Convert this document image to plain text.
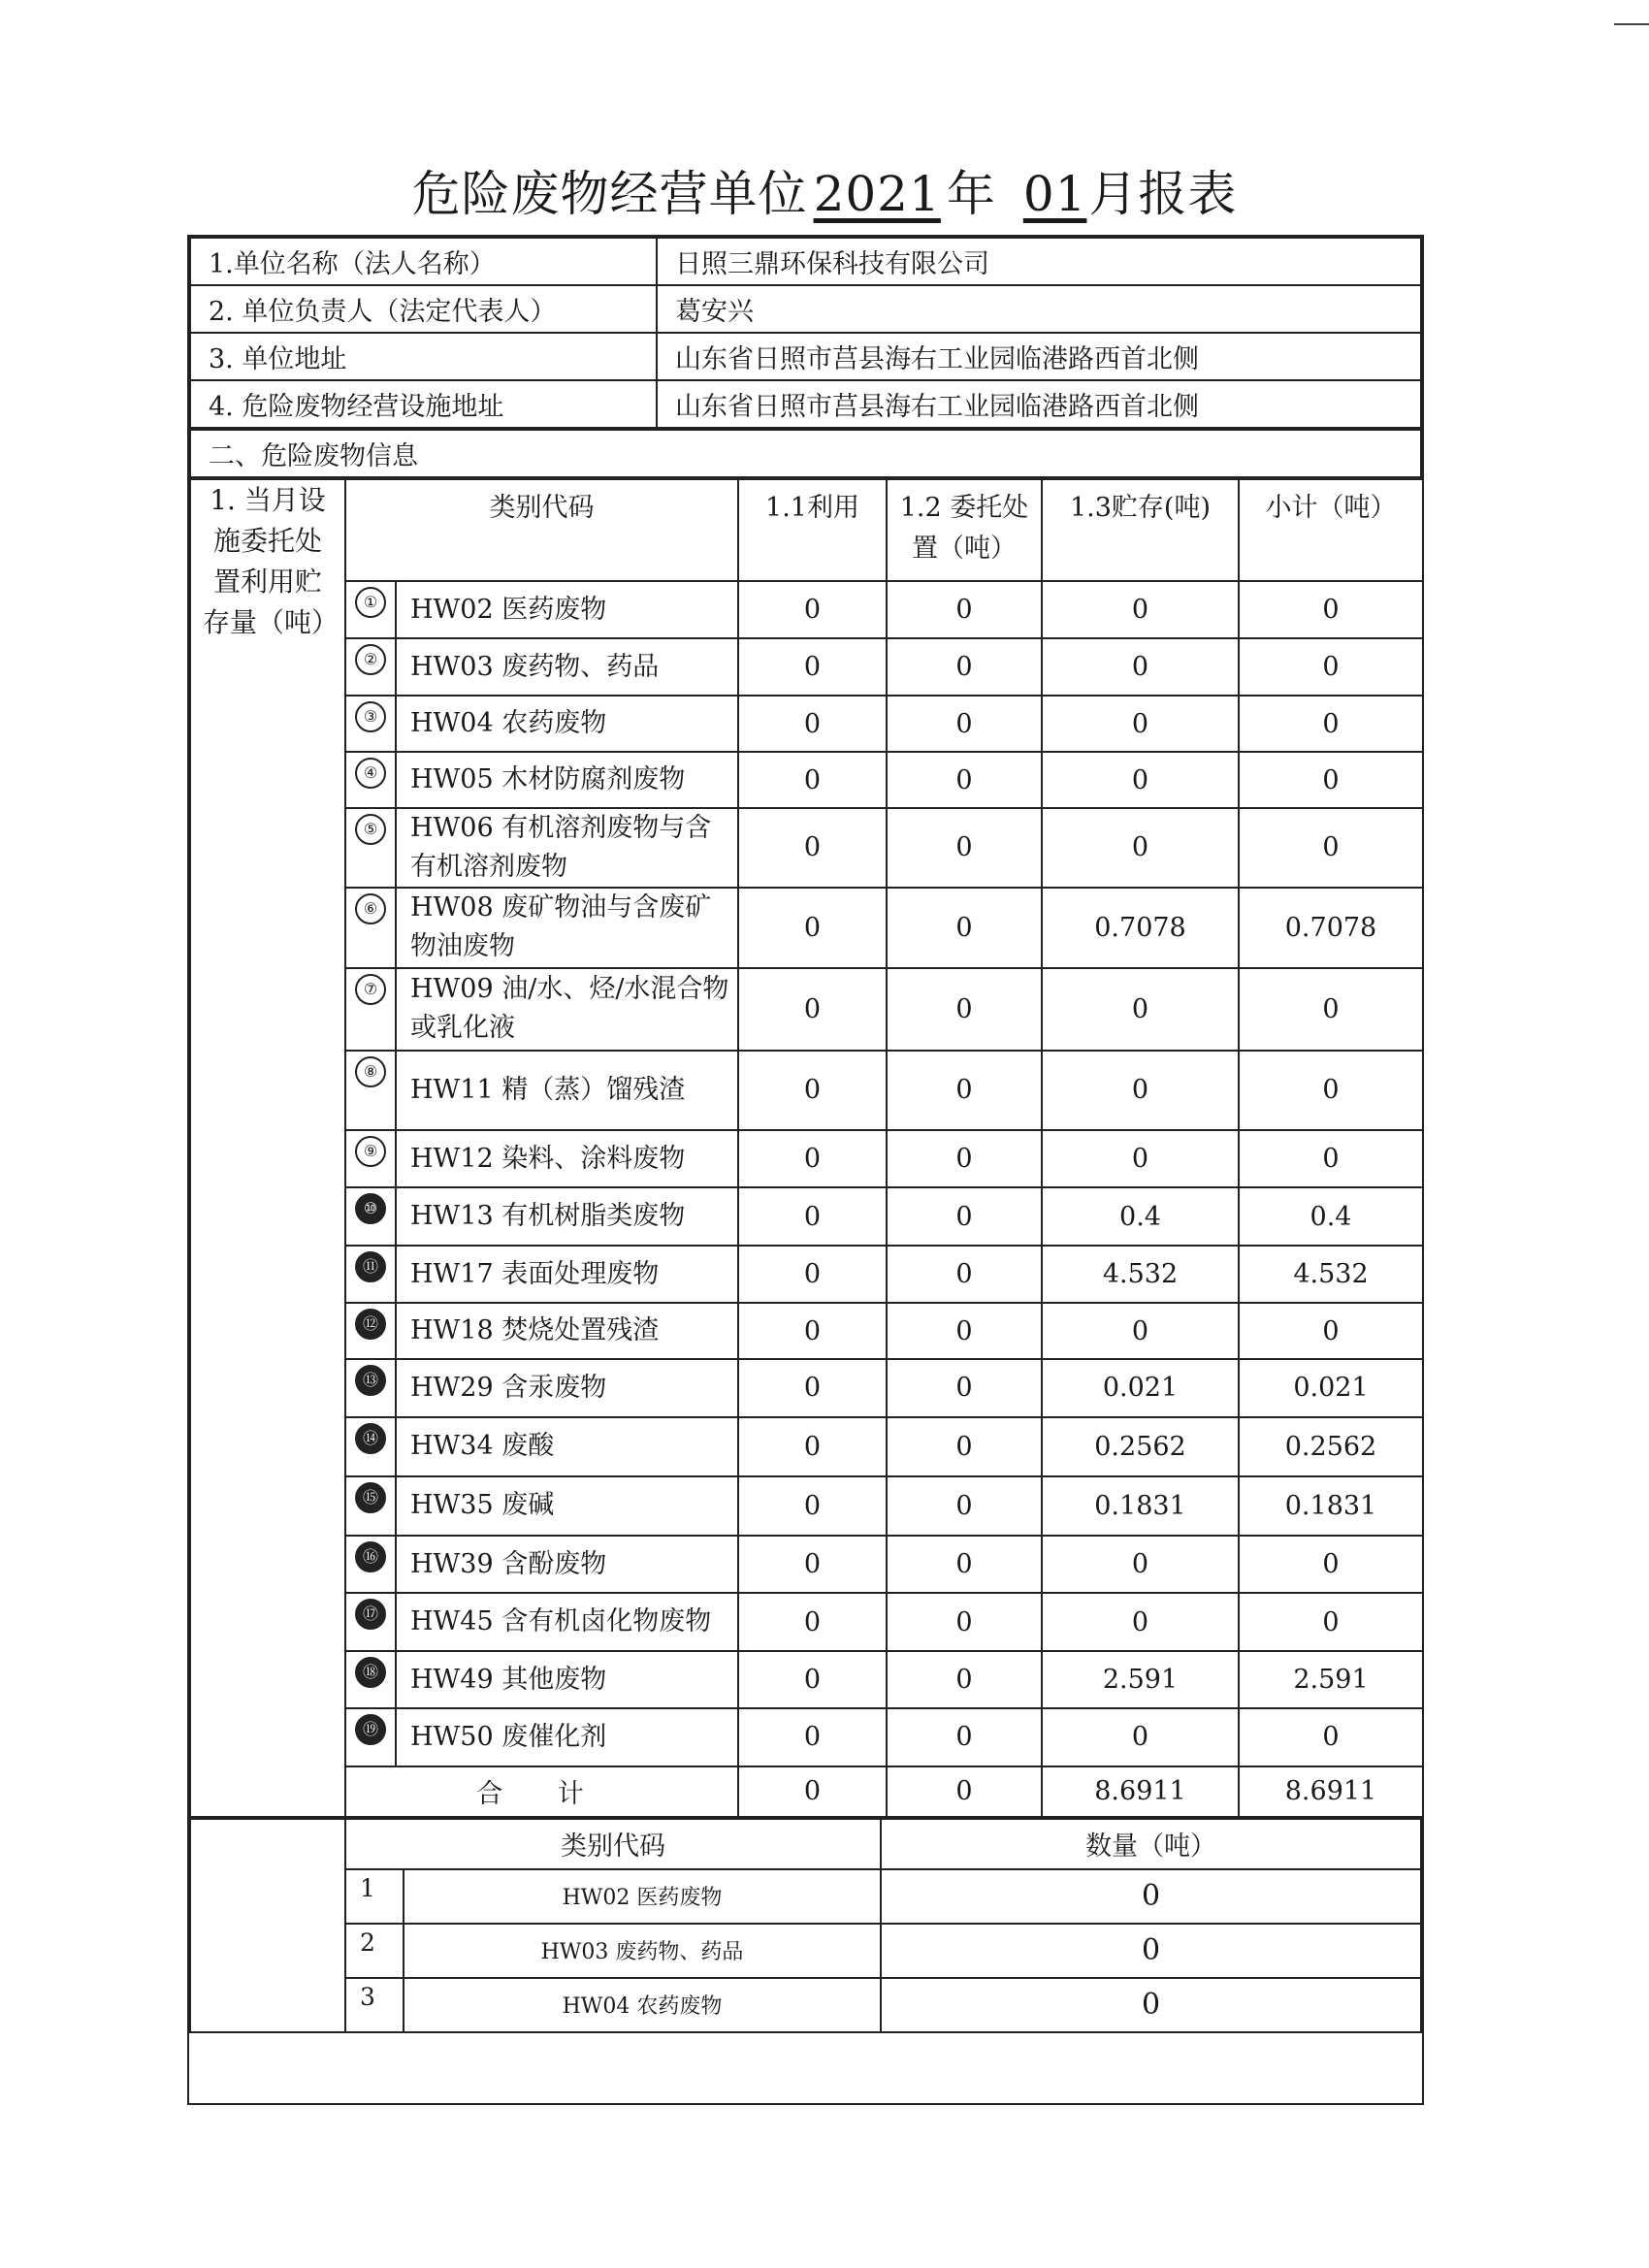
危险废物经营单位 2021 年 01月报表
1.单位名称（法人名称）	日照三鼎环保科技有限公司
2. 单位负责人（法定代表人）	葛安兴
3. 单位地址	山东省日照市莒县海右工业园临港路西首北侧
4. 危险废物经营设施地址	山东省日照市莒县海右工业园临港路西首北侧
二、危险废物信息
1. 当月设施委托处置利用贮存量（吨）	类别代码		1.1利用	1.2 委托处置（吨）	1.3贮存(吨)	小计（吨）
	①	HW02 医药废物	0	0	0	0
	②	HW03 废药物、药品	0	0	0	0
	③	HW04 农药废物	0	0	0	0
	④	HW05 木材防腐剂废物	0	0	0	0
	⑤	HW06 有机溶剂废物与含有机溶剂废物	0	0	0	0
	⑥	HW08 废矿物油与含废矿物油废物	0	0	0.7078	0.7078
	⑦	HW09 油/水、烃/水混合物或乳化液	0	0	0	0
	⑧	HW11 精（蒸）馏残渣	0	0	0	0
	⑨	HW12 染料、涂料废物	0	0	0	0
	⑩	HW13 有机树脂类废物	0	0	0.4	0.4
	⑪	HW17 表面处理废物	0	0	4.532	4.532
	⑫	HW18 焚烧处置残渣	0	0	0	0
	⑬	HW29 含汞废物	0	0	0.021	0.021
	⑭	HW34 废酸	0	0	0.2562	0.2562
	⑮	HW35 废碱	0	0	0.1831	0.1831
	⑯	HW39 含酚废物	0	0	0	0
	⑰	HW45 含有机卤化物废物	0	0	0	0
	⑱	HW49 其他废物	0	0	2.591	2.591
	⑲	HW50 废催化剂	0	0	0	0
	合 计		0	0	8.6911	8.6911
	类别代码		数量（吨）
	1	HW02 医药废物	0
	2	HW03 废药物、药品	0
	3	HW04 农药废物	0
